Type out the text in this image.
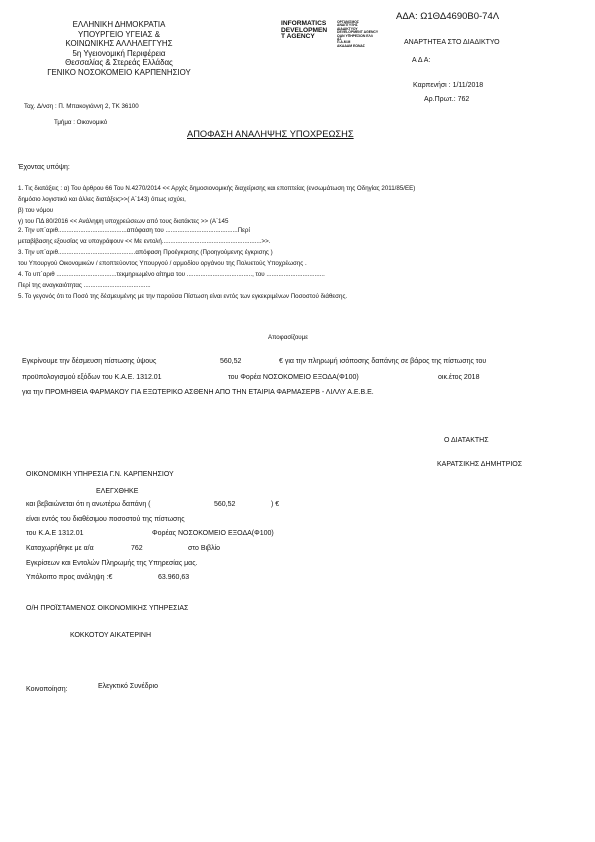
ΕΛΛΗΝΙΚΗ ΔΗΜΟΚΡΑΤΙΑ
ΥΠΟΥΡΓΕΙΟ ΥΓΕΙΑΣ &
ΚΟΙΝΩΝΙΚΗΣ ΑΛΛΗΛΕΓΓΥΗΣ
5η Υγειονομική Περιφέρεια
Θεσσαλίας & Στερεάς Ελλάδας
ΓΕΝΙΚΟ ΝΟΣΟΚΟΜΕΙΟ ΚΑΡΠΕΝΗΣΙΟΥ

Ταχ. Δ/νση : Π. Μπακογιάννη 2, ΤΚ 36100

Τμήμα : Οικονομικό

INFORMATICS
DEVELOPMEN
T AGENCY
ΟΡΓΑΝΙΣΜΟΣ
ΑΝΑΠΤΥΞΗΣ
ΔΙΑΔΙΚΤΥΟΥ
DEVELOPMENT AGENCY
ΩΑΝ ΥΠΗΡΕΣΙΩΝ ΕΛΛ
ΑΣ
Π.Α.Μ.Μ
ΑΚΑΔΑΜ ΕΩΝΑΣ

ΑΔΑ: Ω1ΘΔ4690Β0-74Λ

ΑΝΑΡΤΗΤΕΑ ΣΤΟ ΔΙΑΔΙΚΤΥΟ

Α Δ Α:

Καρπενήσι : 1/11/2018

Αρ.Πρωτ.: 762

ΑΠΟΦΑΣΗ ΑΝΑΛΗΨΗΣ ΥΠΟΧΡΕΩΣΗΣ

Έχοντας υπόψη:

1. Τις διατάξεις : α) Του άρθρου 66 Του Ν.4270/2014 << Αρχές δημοσιονομικής διαχείρισης και εποπτείας (ενσωμάτωση της Οδηγίας 2011/85/ΕΕ)

δημόσιο λογιστικό και άλλες διατάξεις>>( Α΄143) όπως ισχύει,

β) του νόμου

γ) του ΠΔ 80/2016 << Ανάληψη υποχρεώσεων από τους διατάκτες >> (Α΄145

2. Την υπ΄αριθ........................................απόφαση του ..........................................Περί

μεταβίβασης εξουσίας να υπογράφουν << Με εντολή..........................................................>>.

3. Την υπ΄αριθ.............................................απόφαση Προέγκρισης (Προηγούμενης έγκρισης )

του Υπουργού Οικονομικών / εποπτεύοντος Υπουργού / αρμοδίου οργάνου της Πολυετούς Υποχρέωσης .

4. Το υπ΄αριθ ...................................τεκμηριωμένο αίτημα του ......................................, του ..................................

Περί της αναγκαιότητας .......................................

5. Το γεγονός ότι το Ποσό της δέσμευμένης με την παρούσα Πίστωση είναι εντός των εγκεκριμένων Ποσοστού διάθεσης.

Αποφασίζουμε

Εγκρίνουμε την δέσμευση πίστωσης ύψους	560,52	€ για την πληρωμή ισόποσης δαπάνης σε βάρος της πίστωσης του

προϋπολογισμού εξόδων του Κ.Α.Ε. 1312.01	του Φορέα ΝΟΣΟΚΟΜΕΙΟ ΕΞΟΔΑ(Φ100)	οικ.έτος 2018

για την ΠΡΟΜΗΘΕΙΑ ΦΑΡΜΑΚΟΥ ΓΙΑ ΕΞΩΤΕΡΙΚΟ ΑΣΘΕΝΗ ΑΠΟ ΤΗΝ ΕΤΑΙΡΙΑ ΦΑΡΜΑΣΕΡΒ - ΛΙΛΛΥ Α.Ε.Β.Ε.

Ο ΔΙΑΤΑΚΤΗΣ

ΚΑΡΑΤΣΙΚΗΣ ΔΗΜΗΤΡΙΟΣ

ΟΙΚΟΝΟΜΙΚΗ ΥΠΗΡΕΣΙΑ Γ.Ν. ΚΑΡΠΕΝΗΣΙΟΥ

ΕΛΕΓΧΘΗΚΕ

και βεβαιώνεται ότι η ανωτέρω δαπάνη (	560,52	) €

είναι εντός του διαθέσιμου ποσοστού της πίστωσης

του Κ.Α.Ε 1312.01	Φορέας ΝΟΣΟΚΟΜΕΙΟ ΕΞΟΔΑ(Φ100)

Καταχωρήθηκε με α/α	762	στο Βιβλίο

Εγκρίσεων και Εντολών Πληρωμής της Υπηρεσίας μας.

Υπόλοιπο προς ανάληψη :€	63.960,63

Ο/Η ΠΡΟΪΣΤΑΜΕΝΟΣ ΟΙΚΟΝΟΜΙΚΗΣ ΥΠΗΡΕΣΙΑΣ

ΚΟΚΚΟΤΟΥ ΑΙΚΑΤΕΡΙΝΗ

Κοινοποίηση:	Ελεγκτικό Συνέδριο
